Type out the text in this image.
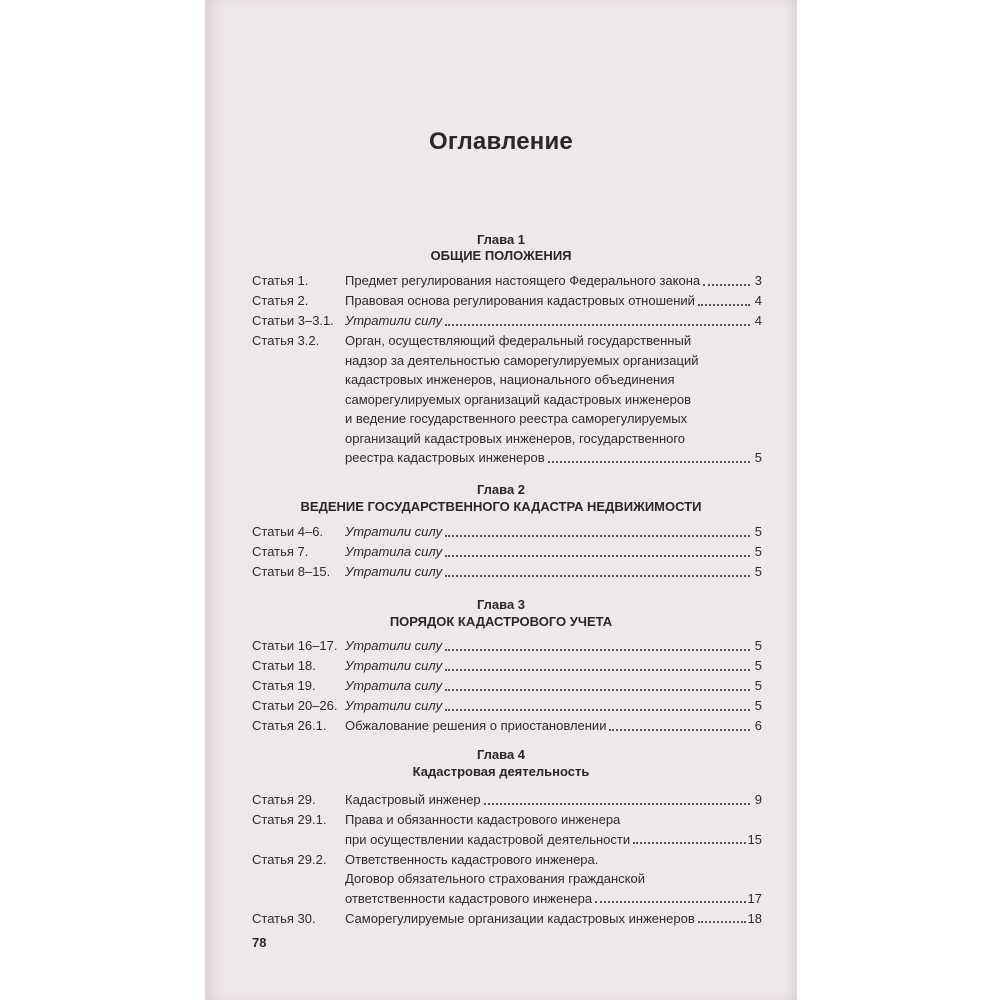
Оглавление
Глава 1
ОБЩИЕ ПОЛОЖЕНИЯ
Статья 1.	Предмет регулирования настоящего Федерального закона	3
Статья 2.	Правовая основа регулирования кадастровых отношений	4
Статьи 3–3.1. Утратили силу	4
Статья 3.2. Орган, осуществляющий федеральный государственный
надзор за деятельностью саморегулируемых организаций
кадастровых инженеров, национального объединения
саморегулируемых организаций кадастровых инженеров
и ведение государственного реестра саморегулируемых
организаций кадастровых инженеров, государственного
реестра кадастровых инженеров	5
Глава 2
ВЕДЕНИЕ ГОСУДАРСТВЕННОГО КАДАСТРА НЕДВИЖИМОСТИ
Статьи 4–6. Утратили силу	5
Статья 7.	Утратила силу	5
Статьи 8–15. Утратили силу	5
Глава 3
ПОРЯДОК КАДАСТРОВОГО УЧЕТА
Статьи 16–17. Утратили силу	5
Статьи 18. Утратили силу	5
Статья 19. Утратила силу	5
Статьи 20–26. Утратили силу	5
Статья 26.1. Обжалование решения о приостановлении	6
Глава 4
Кадастровая деятельность
Статья 29. Кадастровый инженер	9
Статья 29.1. Права и обязанности кадастрового инженера
при осуществлении кадастровой деятельности	15
Статья 29.2. Ответственность кадастрового инженера.
Договор обязательного страхования гражданской
ответственности кадастрового инженера	17
Статья 30. Саморегулируемые организации кадастровых инженеров	18
78
